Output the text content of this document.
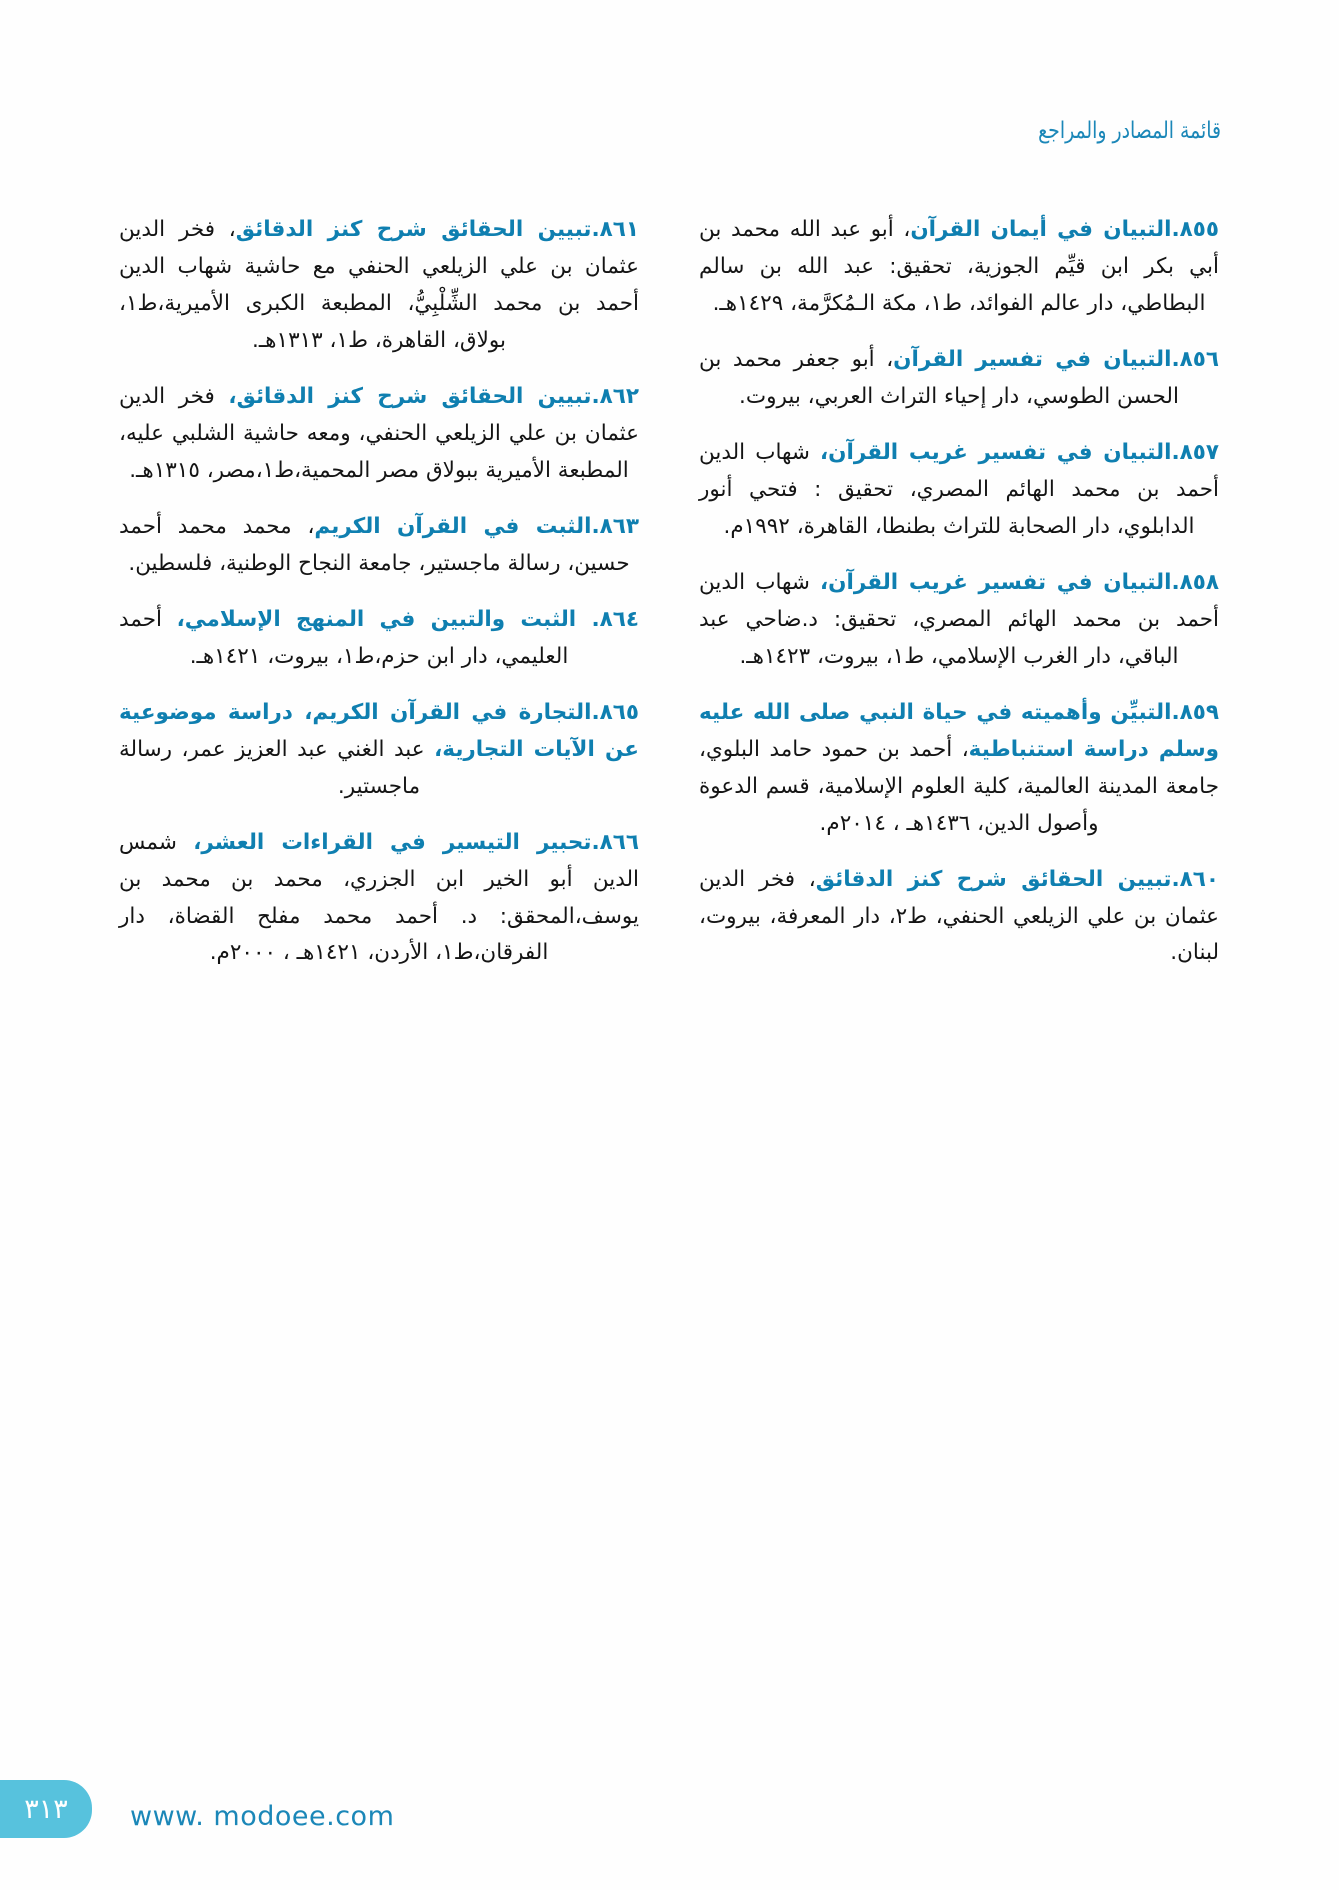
قائمة المصادر والمراجع
٨٥٥.التبيان في أيمان القرآن، أبو عبد الله محمد بن أبي بكر ابن قيِّم الجوزية، تحقيق: عبد الله بن سالم البطاطي، دار عالم الفوائد، ط١، مكة الـمُكرَّمة، ١٤٢٩هـ.
٨٥٦.التبيان في تفسير القرآن، أبو جعفر محمد بن الحسن الطوسي، دار إحياء التراث العربي، بيروت.
٨٥٧.التبيان في تفسير غريب القرآن، شهاب الدين أحمد بن محمد الهائم المصري، تحقيق : فتحي أنور الدابلوي، دار الصحابة للتراث بطنطا، القاهرة، ١٩٩٢م.
٨٥٨.التبيان في تفسير غريب القرآن، شهاب الدين أحمد بن محمد الهائم المصري، تحقيق: د.ضاحي عبد الباقي، دار الغرب الإسلامي، ط١، بيروت، ١٤٢٣هـ.
٨٥٩.التبيِّن وأهميته في حياة النبي صلى الله عليه وسلم دراسة استنباطية، أحمد بن حمود حامد البلوي، جامعة المدينة العالمية، كلية العلوم الإسلامية، قسم الدعوة وأصول الدين، ١٤٣٦هـ ، ٢٠١٤م.
٨٦٠.تبيين الحقائق شرح كنز الدقائق، فخر الدين عثمان بن علي الزيلعي الحنفي، ط٢، دار المعرفة، بيروت، لبنان.
٨٦١.تبيين الحقائق شرح كنز الدقائق، فخر الدين عثمان بن علي الزيلعي الحنفي مع حاشية شهاب الدين أحمد بن محمد الشِّلْبِيُّ، المطبعة الكبرى الأميرية،ط١، بولاق، القاهرة، ط١، ١٣١٣هـ.
٨٦٢.تبيين الحقائق شرح كنز الدقائق، فخر الدين عثمان بن علي الزيلعي الحنفي، ومعه حاشية الشلبي عليه، المطبعة الأميرية ببولاق مصر المحمية،ط١،مصر، ١٣١٥هـ.
٨٦٣.الثبت في القرآن الكريم، محمد محمد أحمد حسين، رسالة ماجستير، جامعة النجاح الوطنية، فلسطين.
٨٦٤. الثبت والتبين في المنهج الإسلامي، أحمد العليمي، دار ابن حزم،ط١، بيروت، ١٤٢١هـ.
٨٦٥.التجارة في القرآن الكريم، دراسة موضوعية عن الآيات التجارية، عبد الغني عبد العزيز عمر، رسالة ماجستير.
٨٦٦.تحبير التيسير في القراءات العشر، شمس الدين أبو الخير ابن الجزري، محمد بن محمد بن يوسف،المحقق: د. أحمد محمد مفلح القضاة، دار الفرقان،ط١، الأردن، ١٤٢١هـ ، ٢٠٠٠م.
٣١٣ www. modoee.com
